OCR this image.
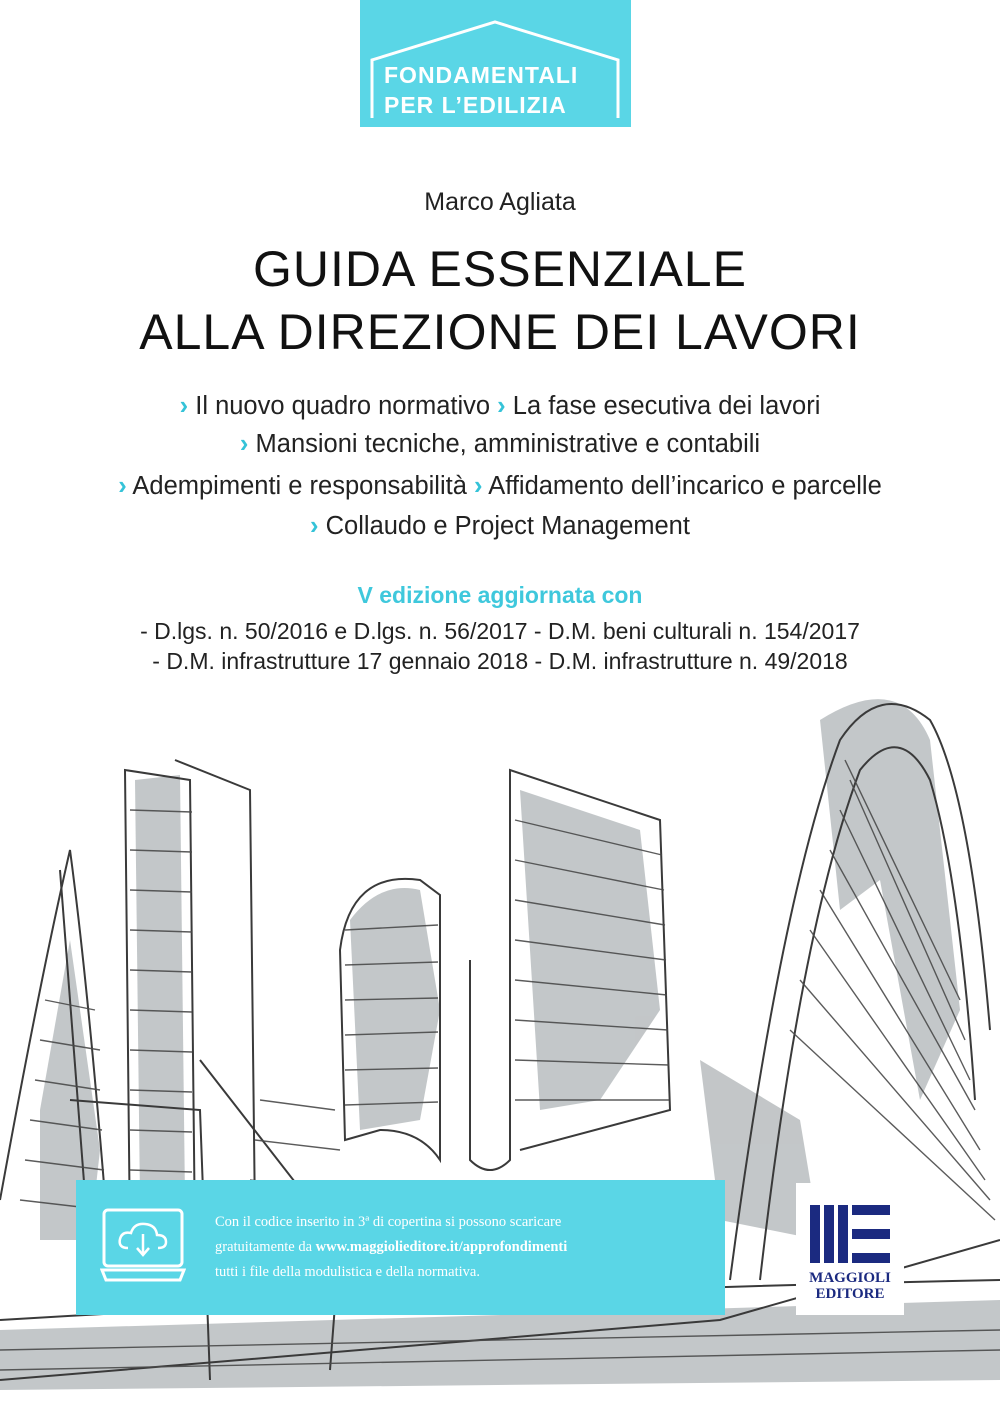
FONDAMENTALI
PER L’EDILIZIA
Marco Agliata
GUIDA ESSENZIALE
ALLA DIREZIONE DEI LAVORI
› Il nuovo quadro normativo › La fase esecutiva dei lavori
› Mansioni tecniche, amministrative e contabili
› Adempimenti e responsabilità › Affidamento dell’incarico e parcelle
› Collaudo e Project Management
V edizione aggiornata con
- D.lgs. n. 50/2016 e D.lgs. n. 56/2017 - D.M. beni culturali n. 154/2017
- D.M. infrastrutture 17 gennaio 2018 - D.M. infrastrutture n. 49/2018
Con il codice inserito in 3ª di copertina si possono scaricare
gratuitamente da www.maggiolieditore.it/approfondimenti
tutti i file della modulistica e della normativa.	MAGGIOLI
EDITORE
